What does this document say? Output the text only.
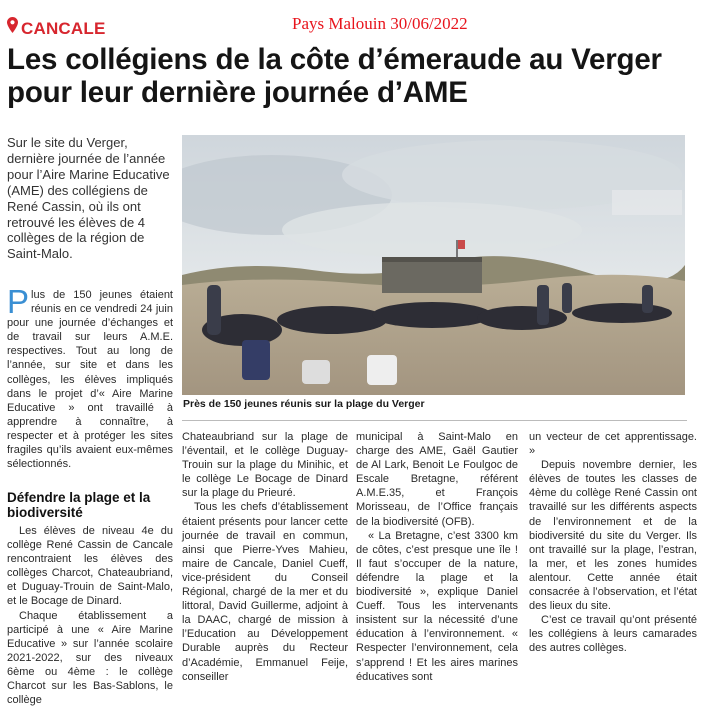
CANCALE	Pays Malouin 30/06/2022
Les collégiens de la côte d’émeraude au Verger pour leur dernière journée d’AME
Sur le site du Verger, dernière journée de l’année pour l’Aire Marine Educative (AME) des collégiens de René Cassin, où ils ont retrouvé les élèves de 4 collèges de la région de Saint-Malo.
Près de 150 jeunes réunis sur la plage du Verger

Plus de 150 jeunes étaient réunis en ce vendredi 24 juin pour une journée d’échanges et de travail sur leurs A.M.E. respectives. Tout au long de l’année, sur site et dans les collèges, les élèves impliqués dans le projet d’« Aire Marine Educative » ont travaillé à apprendre à connaître, à respecter et à protéger les sites fragiles qu’ils avaient eux-mêmes sélectionnés.

Défendre la plage et la biodiversité

Les élèves de niveau 4e du collège René Cassin de Cancale rencontraient les élèves des collèges Charcot, Chateaubriand, et Duguay-Trouin de Saint-Malo, et le Bocage de Dinard.

Chaque établissement a participé à une « Aire Marine Educative » sur l’année scolaire 2021-2022, sur des niveaux 6ème ou 4ème : le collège Charcot sur les Bas-Sablons, le collège

Chateaubriand sur la plage de l’éventail, et le collège Duguay-Trouin sur la plage du Minihic, et le collège Le Bocage de Dinard sur la plage du Prieuré.

Tous les chefs d’établissement étaient présents pour lancer cette journée de travail en commun, ainsi que Pierre-Yves Mahieu, maire de Cancale, Daniel Cueff, vice-président du Conseil Régional, chargé de la mer et du littoral, David Guillerme, adjoint à la DAAC, chargé de mission à l’Education au Développement Durable auprès du Recteur d’Académie, Emmanuel Feije, conseiller

municipal à Saint-Malo en charge des AME, Gaël Gautier de Al Lark, Benoit Le Foulgoc de Escale Bretagne, référent A.M.E.35, et François Morisseau, de l’Office français de la biodiversité (OFB).

« La Bretagne, c’est 3300 km de côtes, c’est presque une île ! Il faut s’occuper de la nature, défendre la plage et la biodiversité », explique Daniel Cueff. Tous les intervenants insistent sur la nécessité d’une éducation à l’environnement. « Respecter l’environnement, cela s’apprend ! Et les aires marines éducatives sont

un vecteur de cet apprentissage. »

Depuis novembre dernier, les élèves de toutes les classes de 4ème du collège René Cassin ont travaillé sur les différents aspects de l’environnement et de la biodiversité du site du Verger. Ils ont travaillé sur la plage, l’estran, la mer, et les zones humides alentour. Cette année était consacrée à l’observation, et l’état des lieux du site.

C’est ce travail qu’ont présenté les collégiens à leurs camarades des autres collèges.
